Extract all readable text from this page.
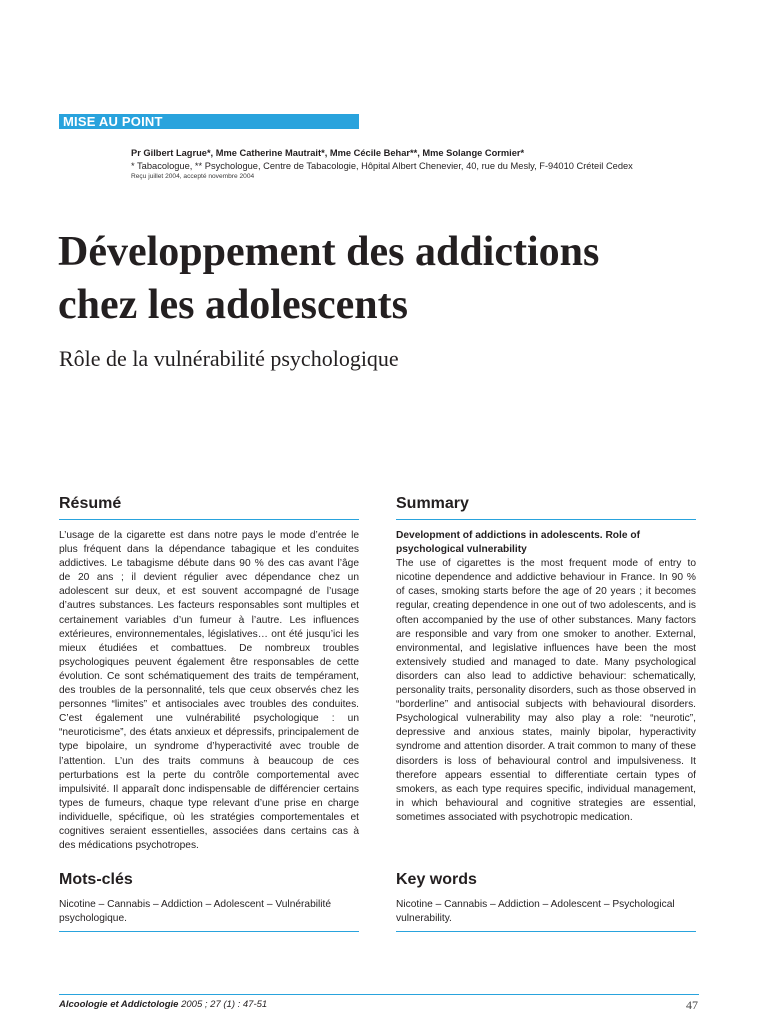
MISE AU POINT
Pr Gilbert Lagrue*, Mme Catherine Mautrait*, Mme Cécile Behar**, Mme Solange Cormier*
* Tabacologue, ** Psychologue, Centre de Tabacologie, Hôpital Albert Chenevier, 40, rue du Mesly, F-94010 Créteil Cedex
Reçu juillet 2004, accepté novembre 2004
Développement des addictions
chez les adolescents
Rôle de la vulnérabilité psychologique
Résumé

L’usage de la cigarette est dans notre pays le mode d’entrée le plus fréquent dans la dépendance tabagique et les conduites addictives. Le tabagisme débute dans 90 % des cas avant l’âge de 20 ans ; il devient régulier avec dépendance chez un adolescent sur deux, et est souvent accompagné de l’usage d’autres substances. Les facteurs responsables sont multiples et certainement variables d’un fumeur à l’autre. Les influences extérieures, environnementales, législatives… ont été jusqu’ici les mieux étudiées et combattues. De nombreux troubles psychologiques peuvent également être responsables de cette évolution. Ce sont schématiquement des traits de tempérament, des troubles de la personnalité, tels que ceux observés chez les personnes “limites” et antisociales avec troubles des conduites. C’est également une vulnérabilité psychologique : un “neuroticisme”, des états anxieux et dépressifs, principalement de type bipolaire, un syndrome d’hyperactivité avec trouble de l’attention. L’un des traits communs à beaucoup de ces perturbations est la perte du contrôle comportemental avec impulsivité. Il apparaît donc indispensable de différencier certains types de fumeurs, chaque type relevant d’une prise en charge individuelle, spécifique, où les stratégies comportementales et cognitives seraient essentielles, associées dans certains cas à des médications psychotropes.

Summary
Development of addictions in adolescents. Role of psychological vulnerability

The use of cigarettes is the most frequent mode of entry to nicotine dependence and addictive behaviour in France. In 90 % of cases, smoking starts before the age of 20 years ; it becomes regular, creating dependence in one out of two adolescents, and is often accompanied by the use of other substances. Many factors are responsible and vary from one smoker to another. External, environmental, and legislative influences have been the most extensively studied and managed to date. Many psychological disorders can also lead to addictive behaviour: schematically, personality traits, personality disorders, such as those observed in “borderline” and antisocial subjects with behavioural disorders. Psychological vulnerability may also play a role: “neurotic”, depressive and anxious states, mainly bipolar, hyperactivity syndrome and attention disorder. A trait common to many of these disorders is loss of behavioural control and impulsiveness. It therefore appears essential to differentiate certain types of smokers, as each type requires specific, individual management, in which behavioural and cognitive strategies are essential, sometimes associated with psychotropic medication.

Mots-clés

Nicotine – Cannabis – Addiction – Adolescent – Vulnérabilité psychologique.

Key words

Nicotine – Cannabis – Addiction – Adolescent – Psychological vulnerability.

Alcoologie et Addictologie 2005 ; 27 (1) : 47-51	47
